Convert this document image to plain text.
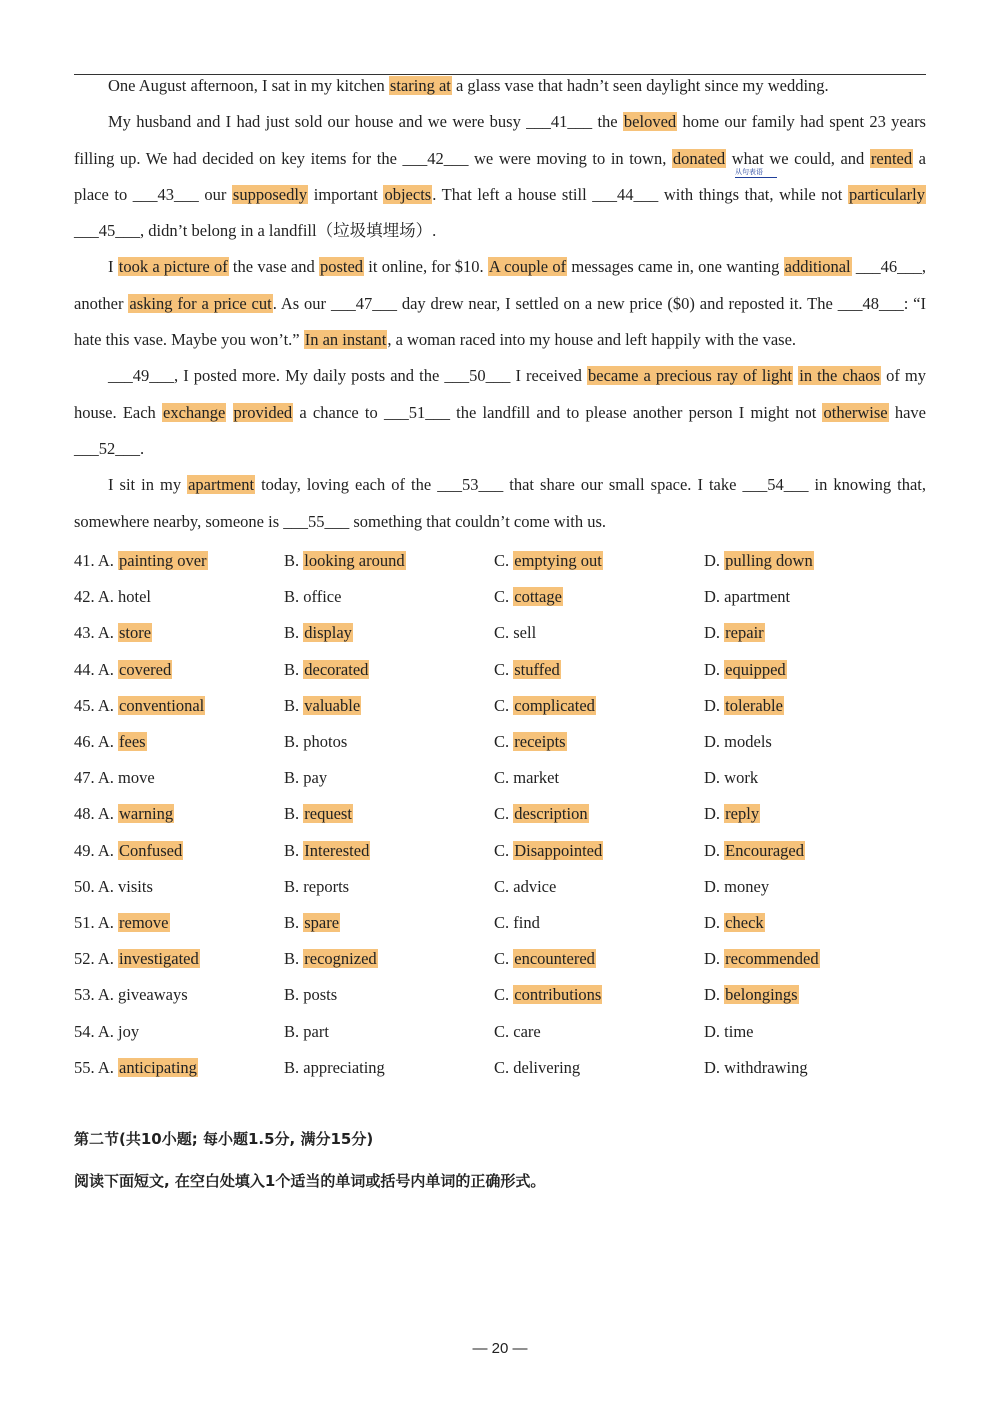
One August afternoon, I sat in my kitchen staring at a glass vase that hadn’t seen daylight since my wedding.

My husband and I had just sold our house and we were busy ___41___ the beloved home our family had spent 23 years filling up. We had decided on key items for the ___42___ we were moving to in town, donated what we could, and rented a place to ___43___ our supposedly important objects. That left a house still ___44___ with things that, while not particularly ___45___, didn’t belong in a landfill（垃圾填埋场）.

I took a picture of the vase and posted it online, for $10. A couple of messages came in, one wanting additional ___46___, another asking for a price cut. As our ___47___ day drew near, I settled on a new price ($0) and reposted it. The ___48___: “I hate this vase. Maybe you won’t.” In an instant, a woman raced into my house and left happily with the vase.

___49___, I posted more. My daily posts and the ___50___ I received became a precious ray of light in the chaos of my house. Each exchange provided a chance to ___51___ the landfill and to please another person I might not otherwise have ___52___.

I sit in my apartment today, loving each of the ___53___ that share our small space. I take ___54___ in knowing that, somewhere nearby, someone is ___55___ something that couldn’t come with us.

从句表语
41. A. painting over	B. looking around	C. emptying out	D. pulling down
42. A. hotel	B. office	C. cottage	D. apartment
43. A. store	B. display	C. sell	D. repair
44. A. covered	B. decorated	C. stuffed	D. equipped
45. A. conventional	B. valuable	C. complicated	D. tolerable
46. A. fees	B. photos	C. receipts	D. models
47. A. move	B. pay	C. market	D. work
48. A. warning	B. request	C. description	D. reply
49. A. Confused	B. Interested	C. Disappointed	D. Encouraged
50. A. visits	B. reports	C. advice	D. money
51. A. remove	B. spare	C. find	D. check
52. A. investigated	B. recognized	C. encountered	D. recommended
53. A. giveaways	B. posts	C. contributions	D. belongings
54. A. joy	B. part	C. care	D. time
55. A. anticipating	B. appreciating	C. delivering	D. withdrawing
第二节(共10小题; 每小题1.5分, 满分15分)
阅读下面短文, 在空白处填入1个适当的单词或括号内单词的正确形式。
— 20 —
